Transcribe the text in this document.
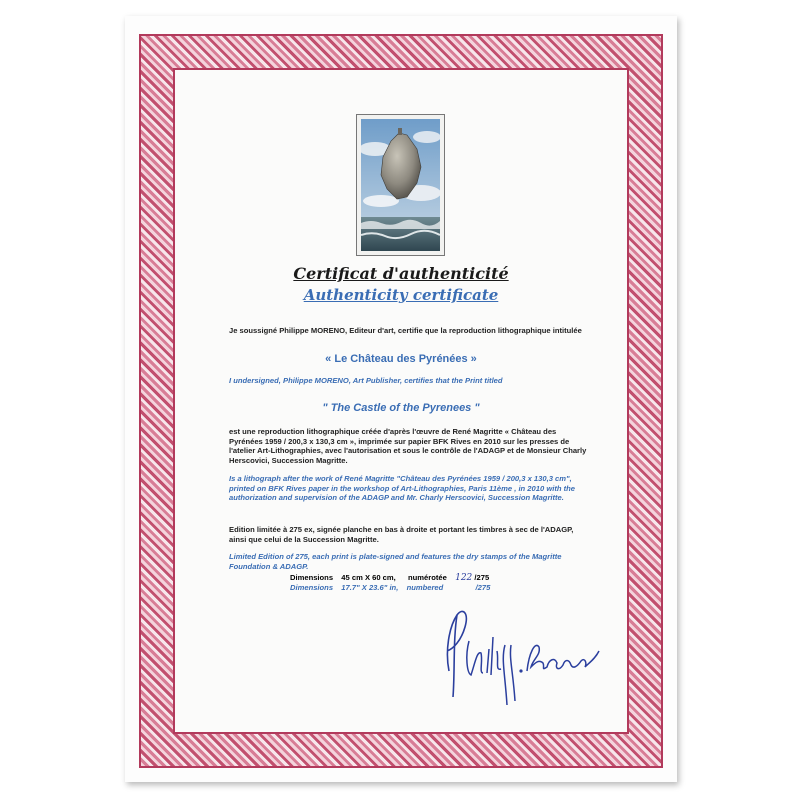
Certificat d'authenticité
Authenticity certificate
Je soussigné Philippe MORENO, Editeur d'art, certifie que la reproduction lithographique intitulée
« Le Château des Pyrénées »
I undersigned, Philippe MORENO, Art Publisher, certifies that the Print titled
" The Castle of the Pyrenees "
est une reproduction lithographique créée d'après l'œuvre de René Magritte « Château des Pyrénées 1959 / 200,3 x 130,3 cm », imprimée sur papier BFK Rives en 2010 sur les presses de l'atelier Art-Lithographies, avec l'autorisation et sous le contrôle de l'ADAGP et de Monsieur Charly Herscovici, Succession Magritte.
Is a lithograph after the work of René Magritte "Château des Pyrénées 1959 / 200,3 x 130,3 cm", printed on BFK Rives paper in the workshop of Art-Lithographies, Paris 11ème , in 2010 with the authorization and supervision of the ADAGP and Mr. Charly Herscovici, Succession Magritte.
Edition limitée à 275 ex, signée planche en bas à droite et portant les timbres à sec de l'ADAGP, ainsi que celui de la Succession Magritte.
Limited Edition of 275, each print is plate-signed and features the dry stamps of the Magritte Foundation & ADAGP.
Dimensions 45 cm X 60 cm, numérotée 122 /275
Dimensions 17.7" X 23.6" in, numbered	/275
